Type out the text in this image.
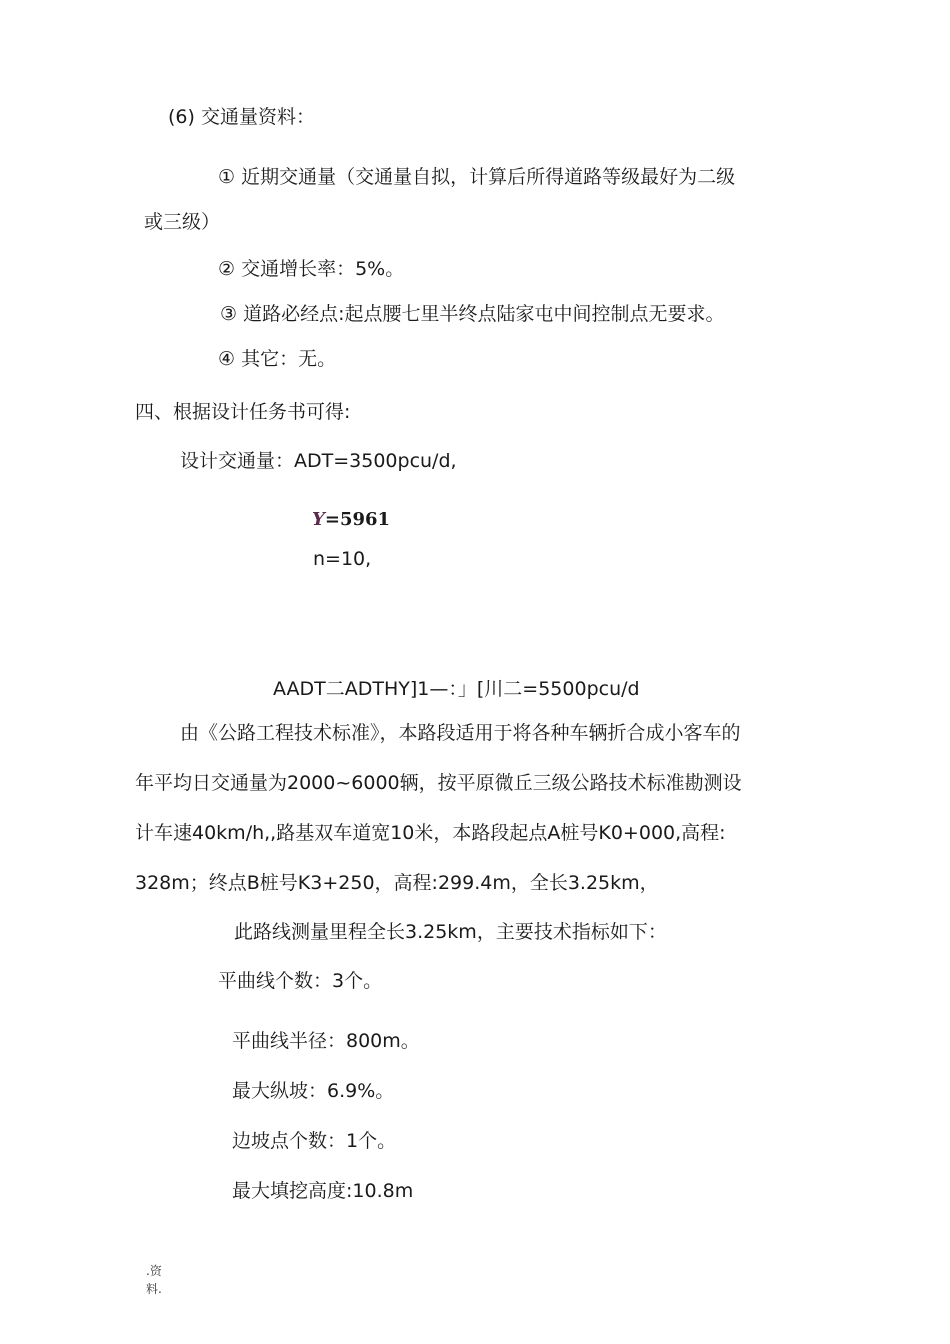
(6) 交通量资料：
① 近期交通量（交通量自拟，计算后所得道路等级最好为二级
或三级）
② 交通增长率：5%。
③ 道路必经点:起点腰七里半终点陆家屯中间控制点无要求。
④ 其它：无。
四、根据设计任务书可得:
设计交通量：ADT=3500pcu/d,
Y=5961
n=10,
AADT二ADTHY]1—：」[川二=5500pcu/d
由《公路工程技术标准》，本路段适用于将各种车辆折合成小客车的
年平均日交通量为2000~6000辆，按平原微丘三级公路技术标准勘测设
计车速40km/h,,路基双车道宽10米，本路段起点A桩号K0+000,高程:
328m；终点B桩号K3+250，高程:299.4m，全长3.25km，
此路线测量里程全长3.25km，主要技术指标如下：
平曲线个数：3个。
平曲线半径：800m。
最大纵坡：6.9%。
边坡点个数：1个。
最大填挖高度:10.8m
.资
料.
